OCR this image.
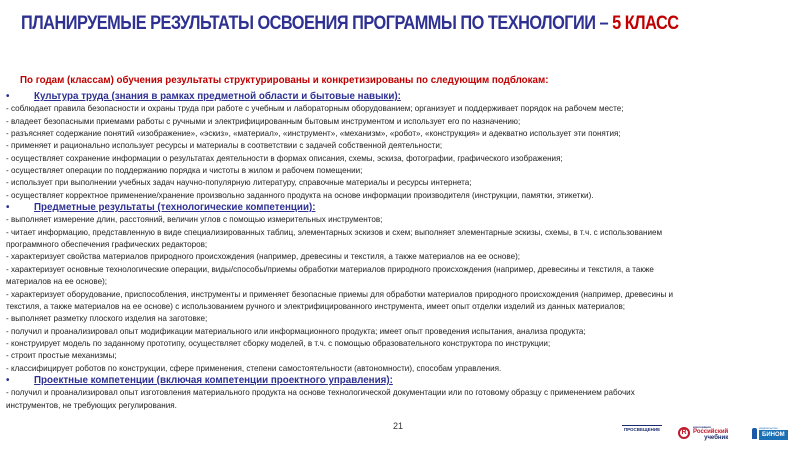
ПЛАНИРУЕМЫЕ РЕЗУЛЬТАТЫ ОСВОЕНИЯ ПРОГРАММЫ ПО ТЕХНОЛОГИИ – 5 КЛАСС
По годам (классам) обучения результаты структурированы и конкретизированы по следующим подблокам:
•	Культура труда (знания в рамках предметной области и бытовые навыки):
- соблюдает правила безопасности и охраны труда при работе с учебным и лабораторным оборудованием; организует и поддерживает порядок на рабочем месте;
- владеет безопасными приемами работы с ручными и электрифицированным бытовым инструментом и использует его по назначению;
- разъясняет содержание понятий «изображение», «эскиз», «материал», «инструмент», «механизм», «робот», «конструкция» и адекватно использует эти понятия;
- применяет и рационально использует ресурсы и материалы в соответствии с задачей собственной деятельности;
- осуществляет сохранение информации о результатах деятельности в формах описания, схемы, эскиза, фотографии, графического изображения;
- осуществляет операции по поддержанию порядка и чистоты в жилом и рабочем помещении;
- использует при выполнении учебных задач научно-популярную литературу, справочные материалы и ресурсы интернета;
- осуществляет корректное применение/хранение произвольно заданного продукта на основе информации производителя (инструкции, памятки, этикетки).
•	Предметные результаты (технологические компетенции):
- выполняет измерение длин, расстояний, величин углов с помощью измерительных инструментов;
- читает информацию, представленную в виде специализированных таблиц, элементарных эскизов и схем; выполняет элементарные эскизы, схемы, в т.ч. с использованием
программного обеспечения графических редакторов;
- характеризует свойства материалов природного происхождения (например, древесины и текстиля, а также материалов на ее основе);
- характеризует основные технологические операции, виды/способы/приемы обработки материалов природного происхождения (например, древесины и текстиля, а также
материалов на ее основе);
- характеризует оборудование, приспособления, инструменты и применяет безопасные приемы для обработки материалов природного происхождения (например, древесины и
текстиля, а также материалов на ее основе) с использованием ручного и электрифицированного инструмента, имеет опыт отделки изделий из данных материалов;
- выполняет разметку плоского изделия на заготовке;
- получил и проанализировал опыт модификации материального или информационного продукта; имеет опыт проведения испытания, анализа продукта;
- конструирует модель по заданному прототипу, осуществляет сборку моделей, в т.ч. с помощью образовательного конструктора по инструкции;
- строит простые механизмы;
- классифицирует роботов по конструкции, сфере применения, степени самостоятельности (автономности), способам управления.
•	Проектные компетенции (включая компетенции проектного управления):
- получил и проанализировал опыт изготовления материального продукта на основе технологической документации или по готовому образцу с применением рабочих
инструментов, не требующих регулирования.
21	ПРОСВЕЩЕНИЕ	R
корпорация
Российский
учебник
издательство
БИНОМ
